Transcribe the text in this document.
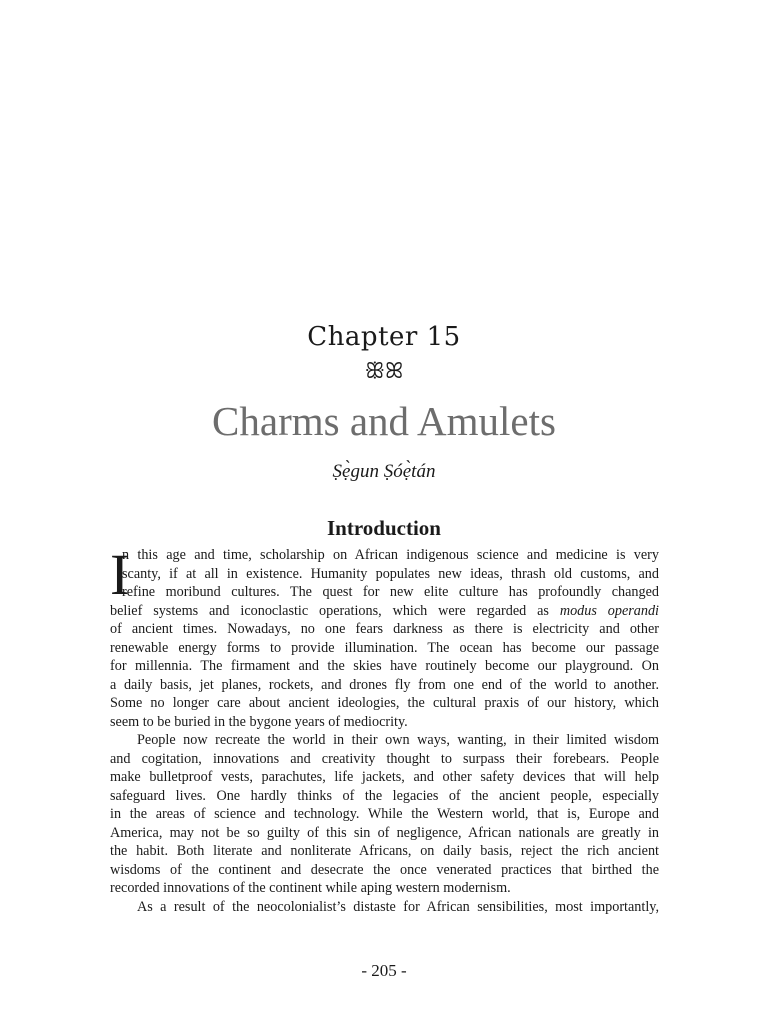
Chapter 15
ꕥꕤ
Charms and Amulets
Ṣẹ̀gun Ṣóẹ̀tán
Introduction
I
n this age and time, scholarship on African indigenous science and medicine is very
scanty, if at all in existence. Humanity populates new ideas, thrash old customs, and
refine moribund cultures. The quest for new elite culture has profoundly changed
belief systems and iconoclastic operations, which were regarded as modus operandi
of ancient times. Nowadays, no one fears darkness as there is electricity and other
renewable energy forms to provide illumination. The ocean has become our passage
for millennia. The firmament and the skies have routinely become our playground. On
a daily basis, jet planes, rockets, and drones fly from one end of the world to another.
Some no longer care about ancient ideologies, the cultural praxis of our history, which
seem to be buried in the bygone years of mediocrity.
People now recreate the world in their own ways, wanting, in their limited wisdom
and cogitation, innovations and creativity thought to surpass their forebears. People
make bulletproof vests, parachutes, life jackets, and other safety devices that will help
safeguard lives. One hardly thinks of the legacies of the ancient people, especially
in the areas of science and technology. While the Western world, that is, Europe and
America, may not be so guilty of this sin of negligence, African nationals are greatly in
the habit. Both literate and nonliterate Africans, on daily basis, reject the rich ancient
wisdoms of the continent and desecrate the once venerated practices that birthed the
recorded innovations of the continent while aping western modernism.
As a result of the neocolonialist’s distaste for African sensibilities, most importantly,
- 205 -
